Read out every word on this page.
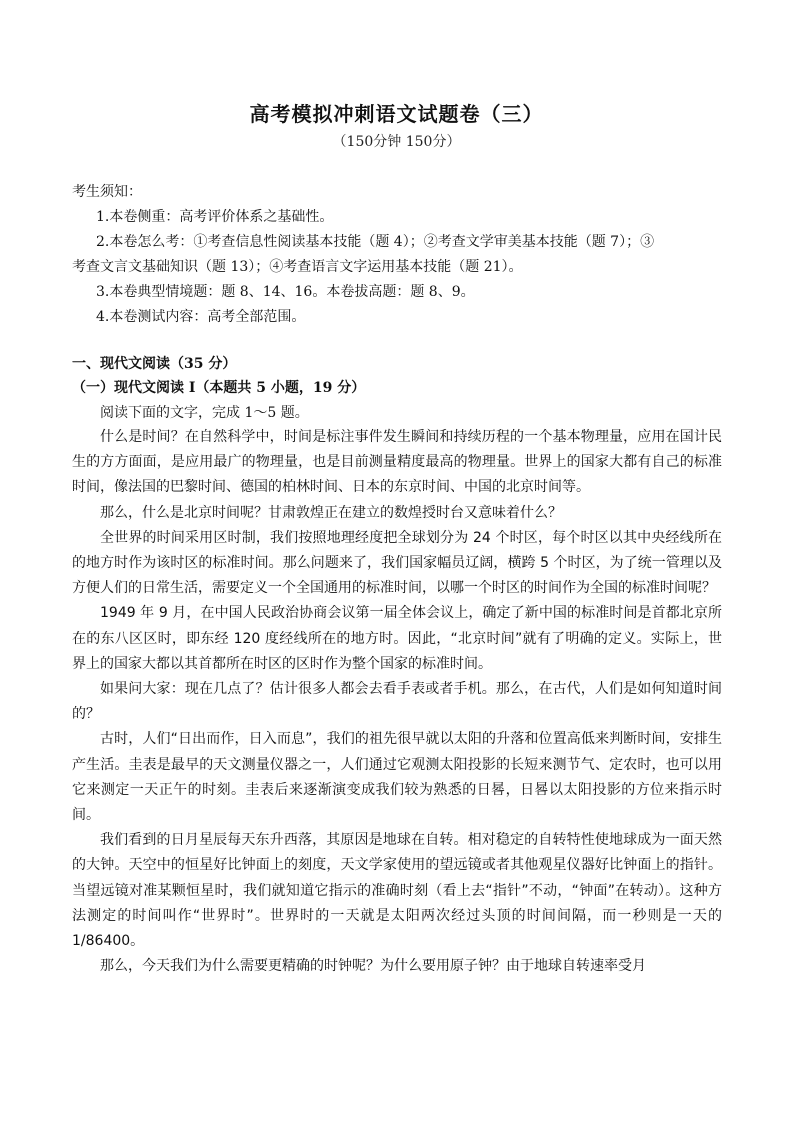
高考模拟冲刺语文试题卷（三）
（150分钟 150分）
考生须知：
1.本卷侧重：高考评价体系之基础性。
2.本卷怎么考：①考查信息性阅读基本技能（题 4）；②考查文学审美基本技能（题 7）；③
考查文言文基础知识（题 13）；④考查语言文字运用基本技能（题 21）。
3.本卷典型情境题：题 8、14、16。本卷拔高题：题 8、9。
4.本卷测试内容：高考全部范围。
一、现代文阅读（35 分）
（一）现代文阅读 I（本题共 5 小题，19 分）
阅读下面的文字，完成 1～5 题。

什么是时间？在自然科学中，时间是标注事件发生瞬间和持续历程的一个基本物理量，应用在国计民生的方方面面，是应用最广的物理量，也是目前测量精度最高的物理量。世界上的国家大都有自己的标准时间，像法国的巴黎时间、德国的柏林时间、日本的东京时间、中国的北京时间等。

那么，什么是北京时间呢？甘肃敦煌正在建立的数煌授时台又意味着什么？

全世界的时间采用区时制，我们按照地理经度把全球划分为 24 个时区，每个时区以其中央经线所在的地方时作为该时区的标准时间。那么问题来了，我们国家幅员辽阔，横跨 5 个时区，为了统一管理以及方便人们的日常生活，需要定义一个全国通用的标准时间，以哪一个时区的时间作为全国的标准时间呢？

1949 年 9 月，在中国人民政治协商会议第一届全体会议上，确定了新中国的标准时间是首都北京所在的东八区区时，即东经 120 度经线所在的地方时。因此，“北京时间”就有了明确的定义。实际上，世界上的国家大都以其首都所在时区的区时作为整个国家的标准时间。

如果问大家：现在几点了？估计很多人都会去看手表或者手机。那么，在古代，人们是如何知道时间的？

古时，人们“日出而作，日入而息”，我们的祖先很早就以太阳的升落和位置高低来判断时间，安排生产生活。圭表是最早的天文测量仪器之一，人们通过它观测太阳投影的长短来测节气、定农时，也可以用它来测定一天正午的时刻。圭表后来逐渐演变成我们较为熟悉的日晷，日晷以太阳投影的方位来指示时间。

我们看到的日月星辰每天东升西落，其原因是地球在自转。相对稳定的自转特性使地球成为一面天然的大钟。天空中的恒星好比钟面上的刻度，天文学家使用的望远镜或者其他观星仪器好比钟面上的指针。当望远镜对准某颗恒星时，我们就知道它指示的准确时刻（看上去“指针”不动，“钟面”在转动）。这种方法测定的时间叫作“世界时”。世界时的一天就是太阳两次经过头顶的时间间隔，而一秒则是一天的 1/86400。

那么，今天我们为什么需要更精确的时钟呢？为什么要用原子钟？由于地球自转速率受月
